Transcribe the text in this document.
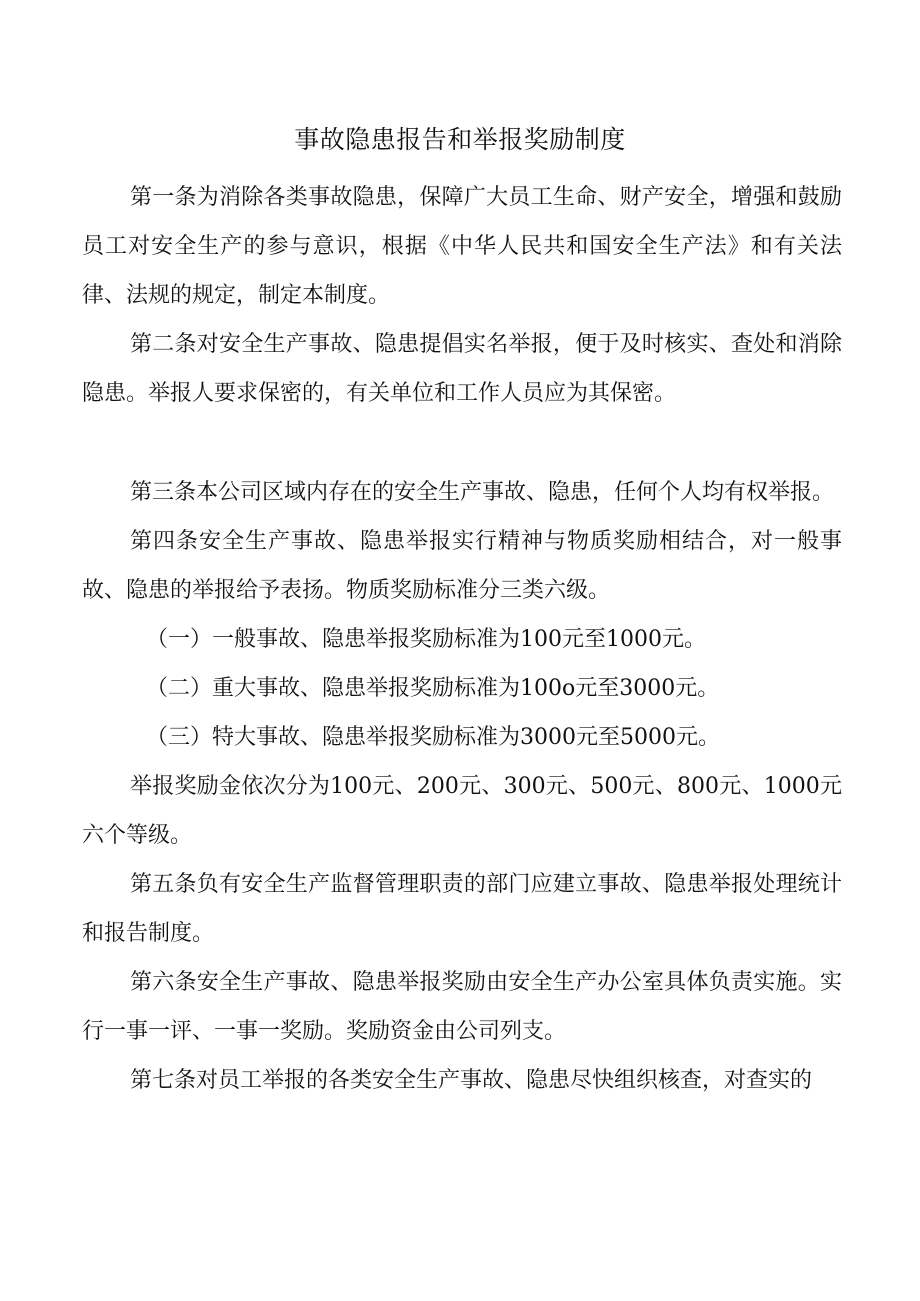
事故隐患报告和举报奖励制度

第一条为消除各类事故隐患，保障广大员工生命、财产安全，增强和鼓励员工对安全生产的参与意识，根据《中华人民共和国安全生产法》和有关法律、法规的规定，制定本制度。

第二条对安全生产事故、隐患提倡实名举报，便于及时核实、查处和消除隐患。举报人要求保密的，有关单位和工作人员应为其保密。

第三条本公司区域内存在的安全生产事故、隐患，任何个人均有权举报。

第四条安全生产事故、隐患举报实行精神与物质奖励相结合，对一般事故、隐患的举报给予表扬。物质奖励标准分三类六级。

（一）一般事故、隐患举报奖励标准为100元至1000元。

（二）重大事故、隐患举报奖励标准为100o元至3000元。

（三）特大事故、隐患举报奖励标准为3000元至5000元。

举报奖励金依次分为100元、200元、300元、500元、800元、1000元六个等级。

第五条负有安全生产监督管理职责的部门应建立事故、隐患举报处理统计和报告制度。

第六条安全生产事故、隐患举报奖励由安全生产办公室具体负责实施。实行一事一评、一事一奖励。奖励资金由公司列支。

第七条对员工举报的各类安全生产事故、隐患尽快组织核查，对查实的
